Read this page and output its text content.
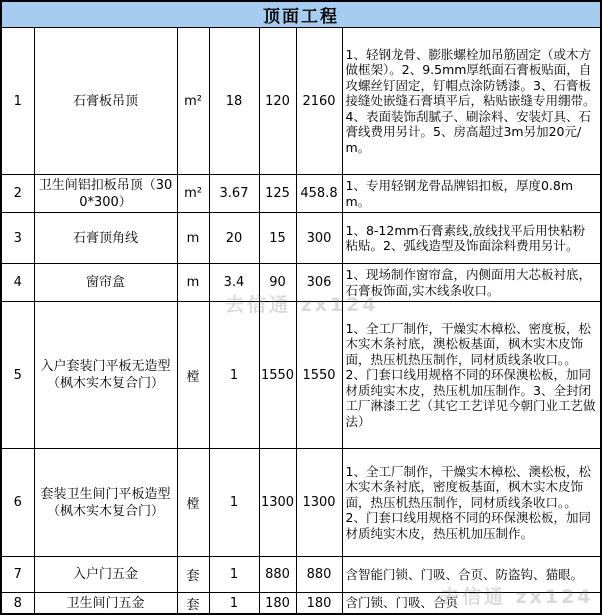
顶面工程						
1	石膏板吊顶	m²	18	120	2160	1、轻钢龙骨、膨胀螺栓加吊筋固定（或木方做框架）。2、9.5mm厚纸面石膏板贴面，自攻螺丝钉固定，钉帽点涂防锈漆。3、石膏板接缝处嵌缝石膏填平后，粘贴嵌缝专用绷带。4、表面装饰刮腻子、刷涂料、安装灯具、石膏线费用另计。5、房高超过3m另加20元/m。
2	卫生间铝扣板吊顶（300*300）	m²	3.67	125	458.8	1、专用轻钢龙骨品牌铝扣板，厚度0.8mm。
3	石膏顶角线	m	20	15	300	1、8-12mm石膏素线,放线找平后用快粘粉粘贴。2、弧线造型及饰面涂料费用另计。
4	窗帘盒	m	3.4	90	306	1、现场制作窗帘盒，内侧面用大芯板衬底，石膏板饰面,实木线条收口。
5	入户套装门平板无造型（枫木实木复合门）	樘	1	1550	1550	1、全工厂制作，干燥实木樟松、密度板，松木实木条衬底，澳松板基面，枫木实木皮饰面，热压机热压制作，同材质线条收口。。2、门套口线用规格不同的环保澳松板，加同材质纯实木皮，热压机加压制作。3、全封闭工厂淋漆工艺（其它工艺详见今朝门业工艺做法）
6	套装卫生间门平板造型（枫木实木复合门）	樘	1	1300	1300	1、全工厂制作，干燥实木樟松、澳松板，松木实木条衬底，密度板基面，枫木实木皮饰面，热压机热压制作，同材质线条收口。。2、门套口线用规格不同的环保澳松板，加同材质纯实木皮，热压机加压制作。
7	入户门五金	套	1	880	880	含智能门锁、门吸、合页、防盗钩、猫眼。
8	卫生间门五金	套	1	180	180	含门锁、门吸、合页
去信通 zx124
去信通 zx124
